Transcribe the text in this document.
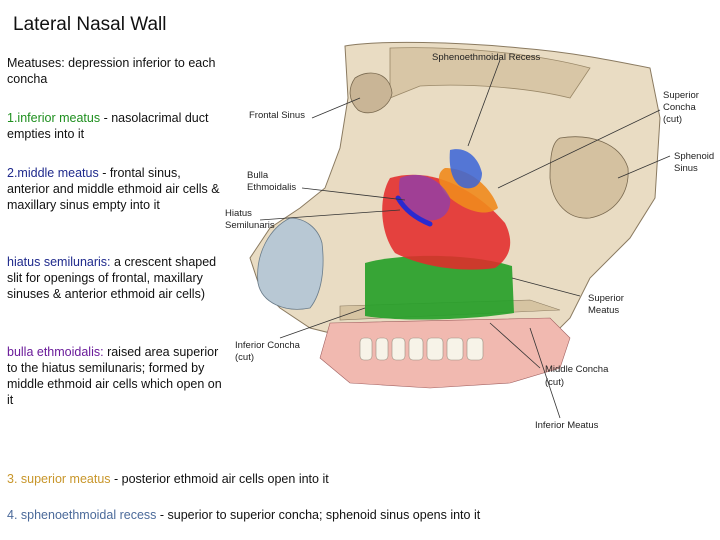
Lateral Nasal Wall
Meatuses: depression inferior to each concha
1.inferior meatus - nasolacrimal duct empties into it
2.middle meatus - frontal sinus, anterior and middle ethmoid air cells & maxillary sinus empty into it
hiatus semilunaris: a crescent shaped slit for openings of frontal, maxillary sinuses & anterior ethmoid air cells)
bulla ethmoidalis: raised area superior to the hiatus semilunaris; formed by middle ethmoid air cells which open on it
3. superior meatus - posterior ethmoid air cells open into it
4. sphenoethmoidal recess - superior to superior concha; sphenoid sinus opens into it
Sphenoethmoidal Recess
Superior
Concha
(cut)
Frontal Sinus
Sphenoid
Sinus
Bulla
Ethmoidalis
Hiatus
Semilunaris
Superior
Meatus
Inferior Concha
(cut)
Middle Concha
(cut)
Inferior Meatus
